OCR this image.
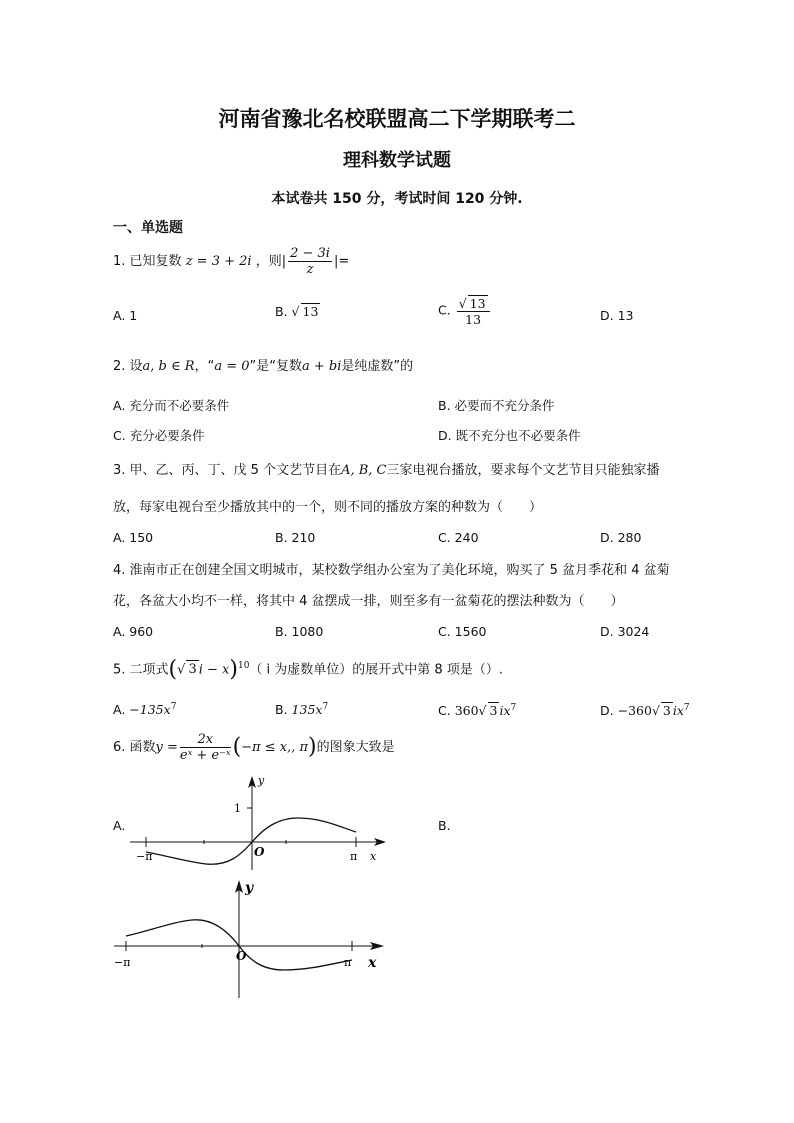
河南省豫北名校联盟高二下学期联考二
理科数学试题
本试卷共 150 分，考试时间 120 分钟.
一、单选题
1. 已知复数 z = 3 + 2i ，则| $\frac{2 - 3i}{z}$ |=
A. 1	B. √ 13	C. $\frac{√ 13}{13}$	D. 13
2. 设a, b ∈ R，“a = 0”是“复数a + bi是纯虚数”的
A. 充分而不必要条件	B. 必要而不充分条件
C. 充分必要条件	D. 既不充分也不必要条件
3. 甲、乙、丙、丁、戊 5 个文艺节目在A, B, C三家电视台播放，要求每个文艺节目只能独家播
放，每家电视台至少播放其中的一个，则不同的播放方案的种数为（　　）
A. 150	B. 210	C. 240	D. 280
4. 淮南市正在创建全国文明城市，某校数学组办公室为了美化环境，购买了 5 盆月季花和 4 盆菊
花，各盆大小均不一样，将其中 4 盆摆成一排，则至多有一盆菊花的摆法种数为（　　）
A. 960	B. 1080	C. 1560	D. 3024
5. 二项式(√ 3 i − x)$^{10}$（ i 为虚数单位）的展开式中第 8 项是（）.
A. $-135x^7$	B. $135x^7$	C. 360√ 3 $ix^7$	D. −360√ 3 $ix^7$
6. 函数$y = \frac{2x}{\text{eˣ + e⁻ˣ}} (-\pi \le x$,, π)的图象大致是
A.	B.
y
x
O
1
−π	π
y
x
O
−π	π
